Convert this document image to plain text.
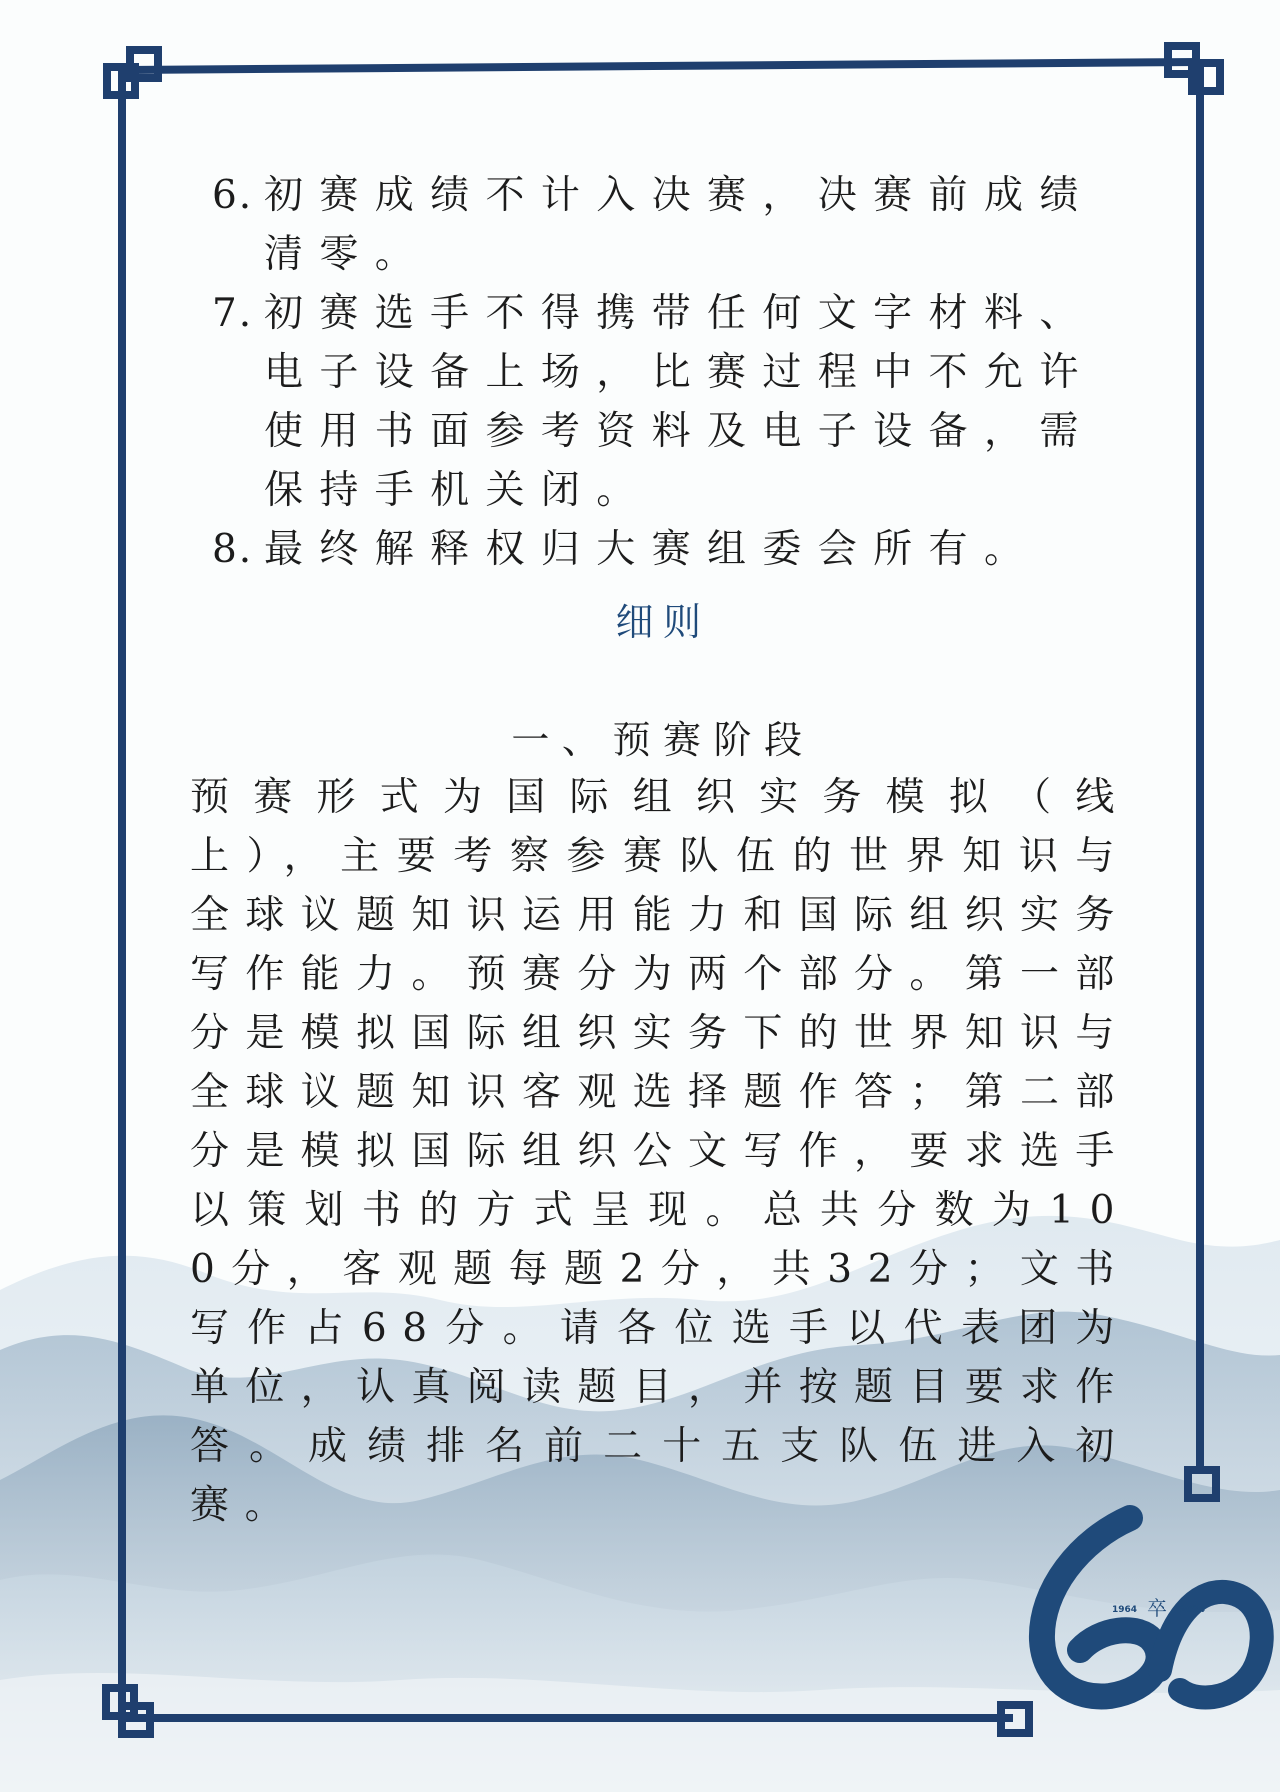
6. 初赛成绩不计入决赛，决赛前成绩清零。
7. 初赛选手不得携带任何文字材料、电子设备上场，比赛过程中不允许使用书面参考资料及电子设备，需保持手机关闭。
8. 最终解释权归大赛组委会所有。
细则
一、预赛阶段
预赛形式为国际组织实务模拟（线上），主要考察参赛队伍的世界知识与全球议题知识运用能力和国际组织实务写作能力。预赛分为两个部分。第一部分是模拟国际组织实务下的世界知识与全球议题知识客观选择题作答；第二部分是模拟国际组织公文写作，要求选手以策划书的方式呈现。总共分数为100分，客观题每题2分，共32分；文书写作占68分。请各位选手以代表团为单位，认真阅读题目，并按题目要求作答。成绩排名前二十五支队伍进入初赛。
1964 卒 2024
